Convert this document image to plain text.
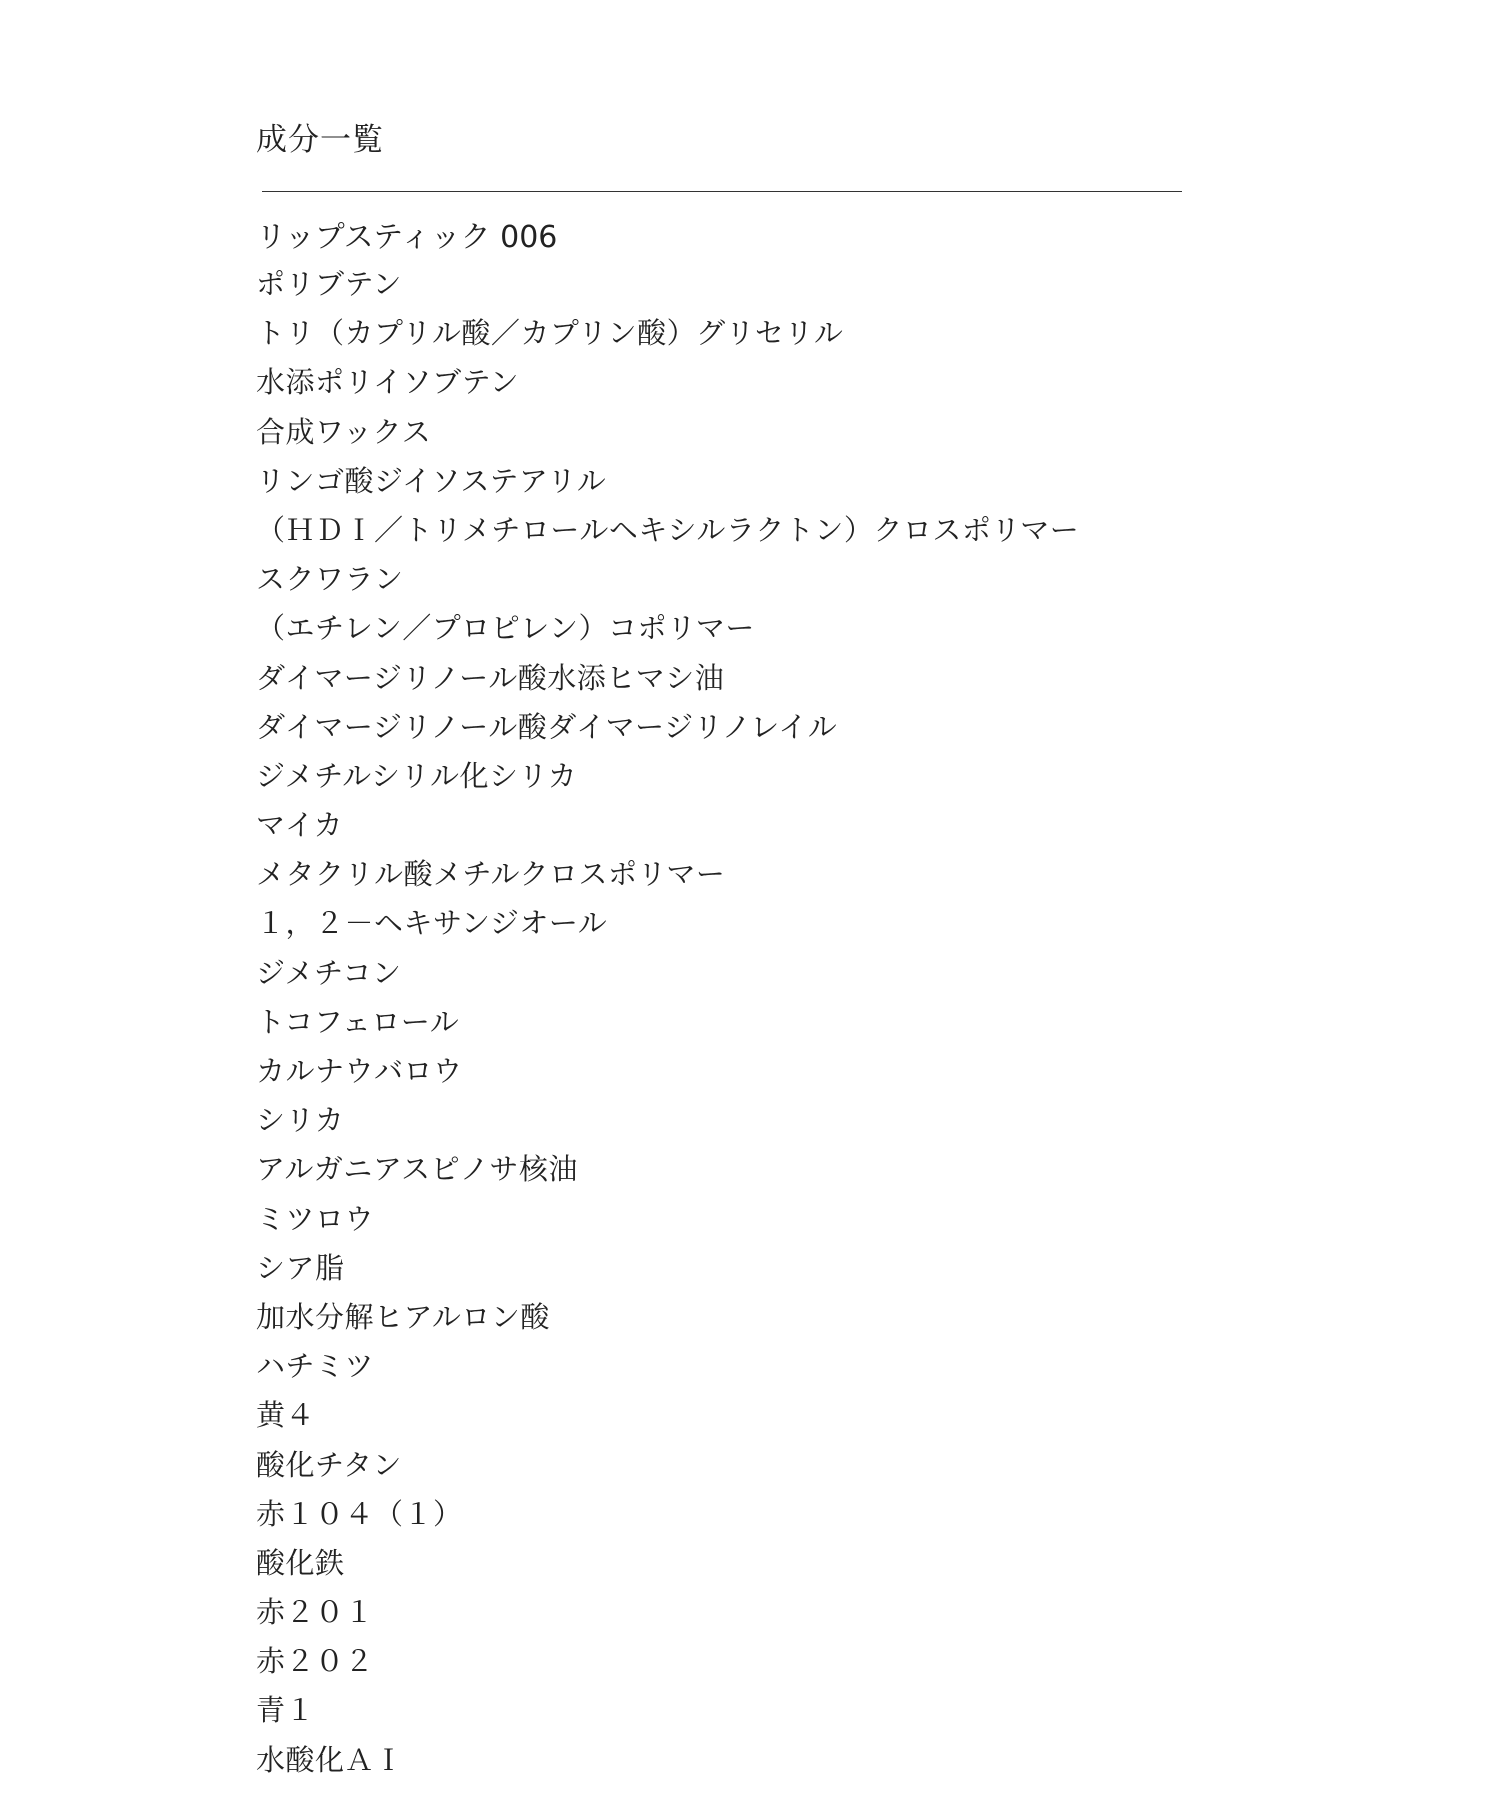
成分一覧
リップスティック 006
ポリブテン
トリ（カプリル酸／カプリン酸）グリセリル
水添ポリイソブテン
合成ワックス
リンゴ酸ジイソステアリル
（ＨＤＩ／トリメチロールヘキシルラクトン）クロスポリマー
スクワラン
（エチレン／プロピレン）コポリマー
ダイマージリノール酸水添ヒマシ油
ダイマージリノール酸ダイマージリノレイル
ジメチルシリル化シリカ
マイカ
メタクリル酸メチルクロスポリマー
１，２－ヘキサンジオール
ジメチコン
トコフェロール
カルナウバロウ
シリカ
アルガニアスピノサ核油
ミツロウ
シア脂
加水分解ヒアルロン酸
ハチミツ
黄４
酸化チタン
赤１０４（１）
酸化鉄
赤２０１
赤２０２
青１
水酸化ＡＩ
